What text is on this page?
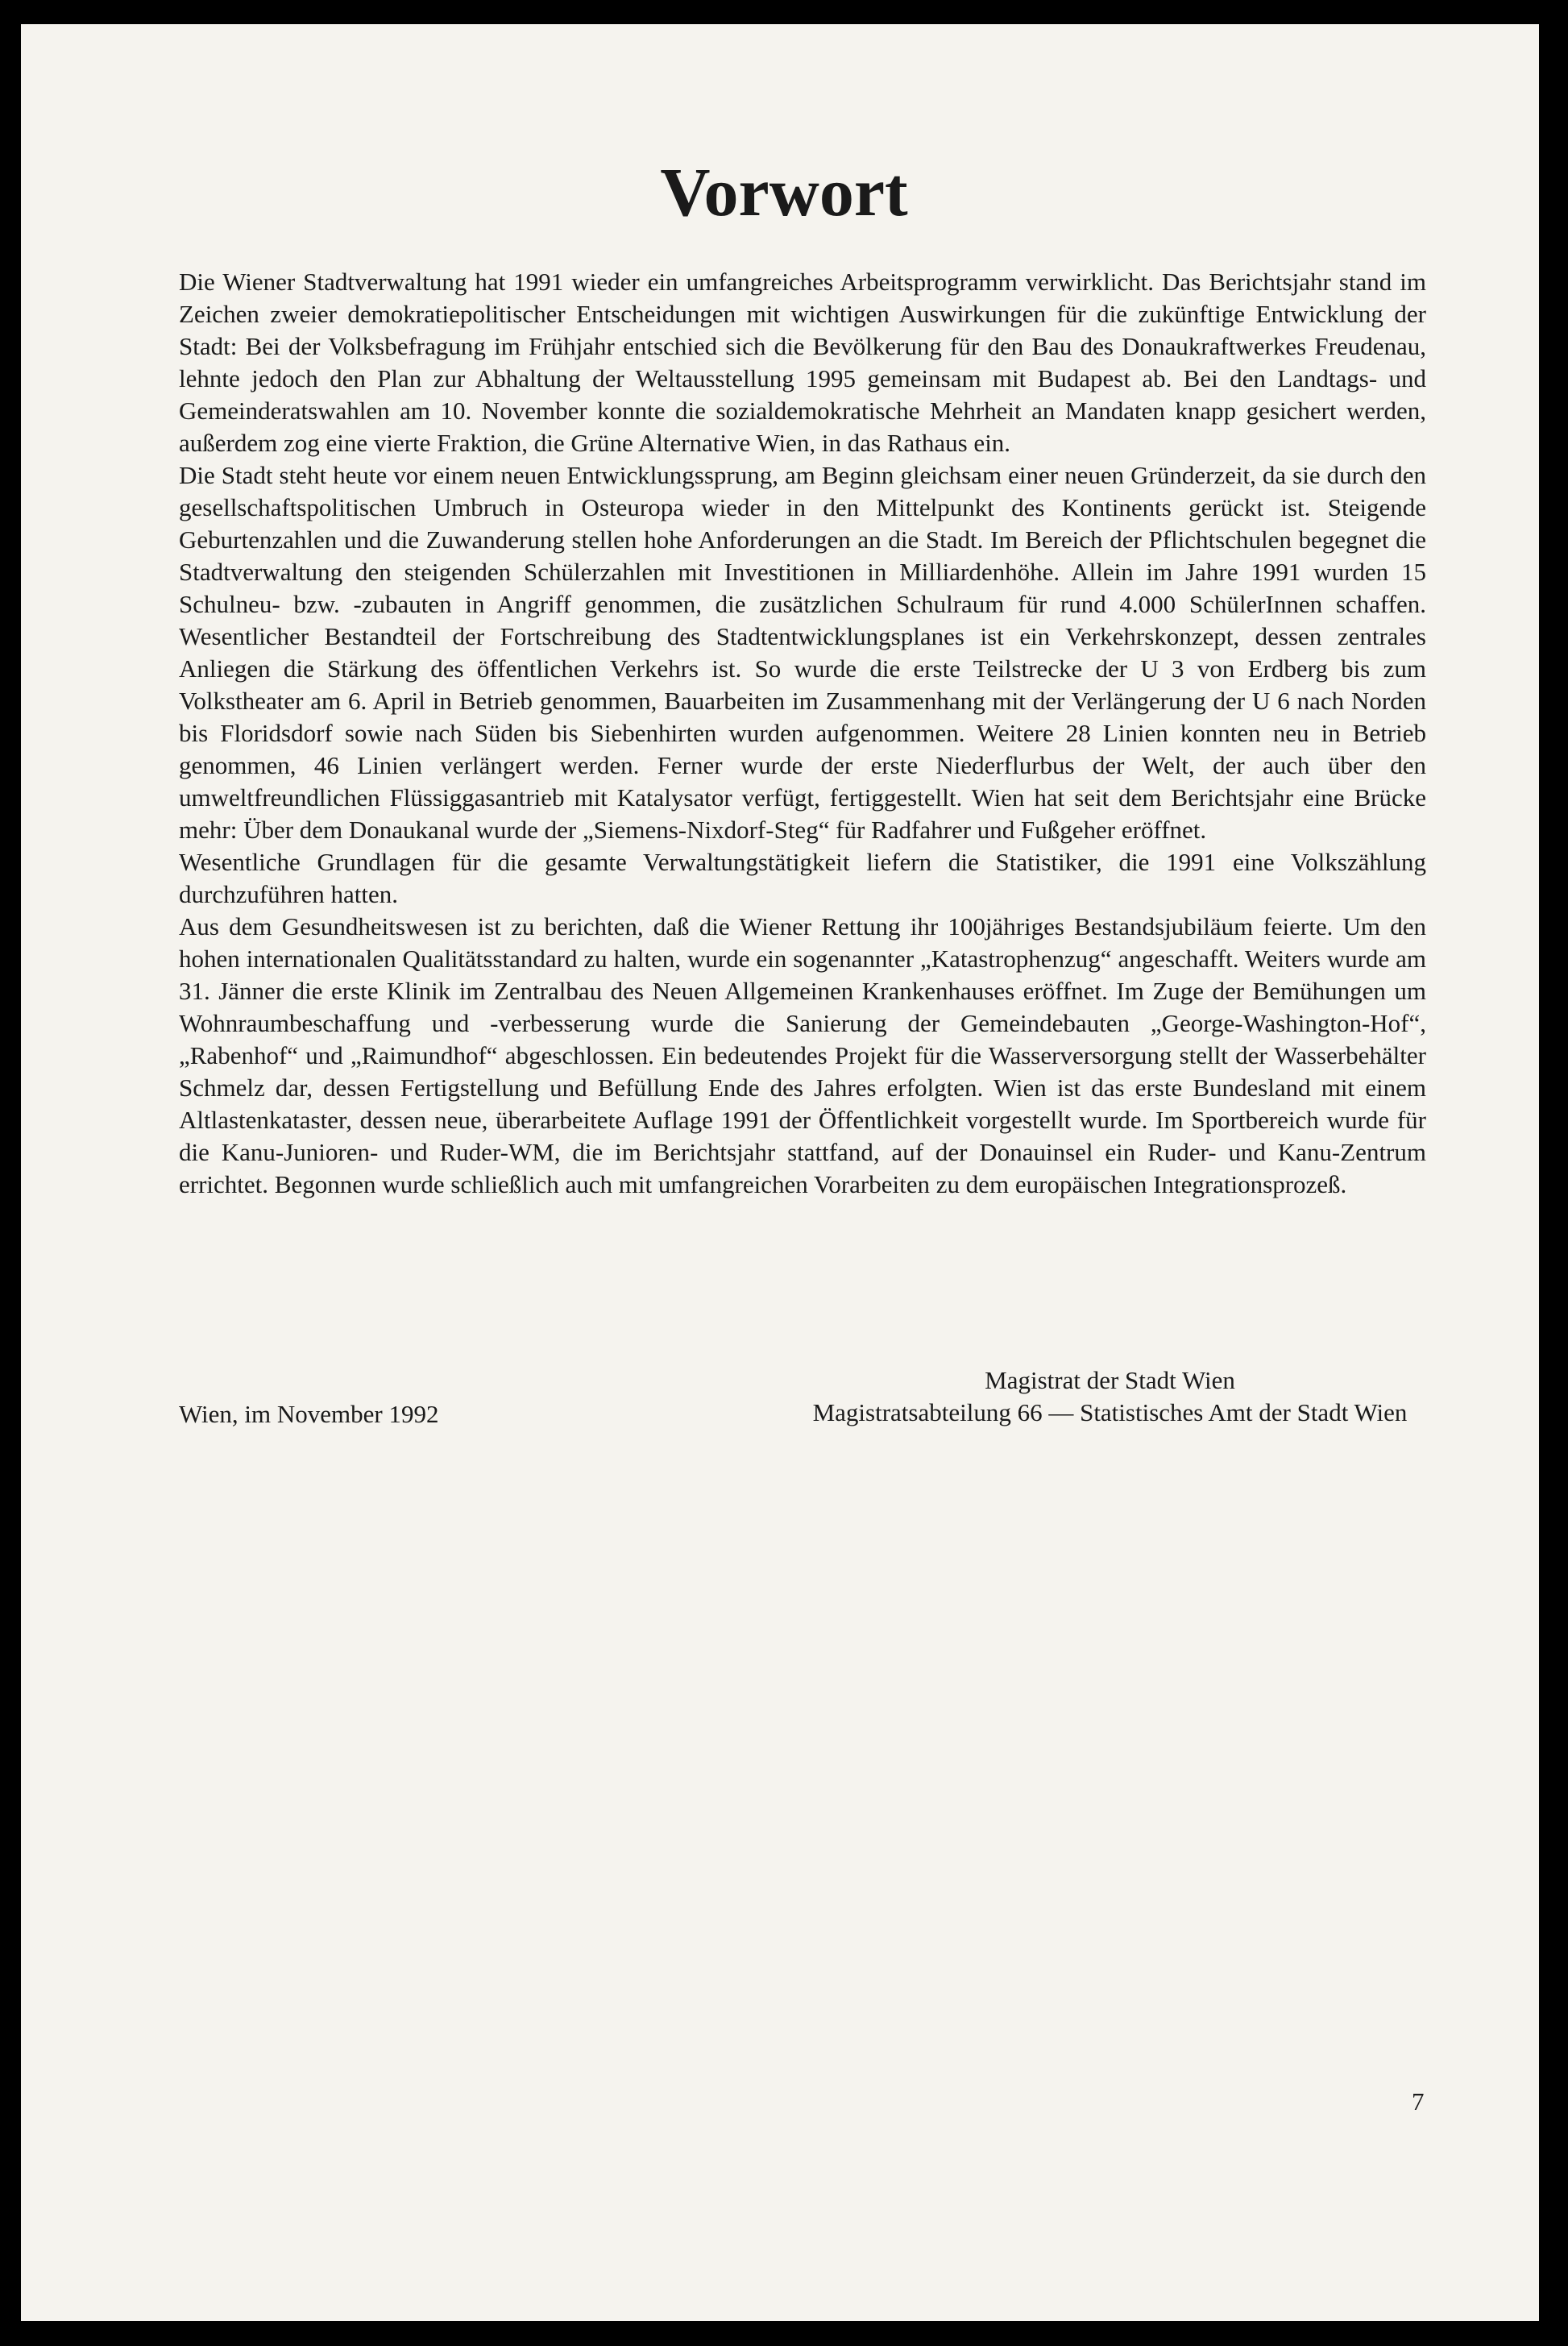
Vorwort

Die Wiener Stadtverwaltung hat 1991 wieder ein umfangreiches Arbeitsprogramm verwirklicht. Das Berichtsjahr stand im Zeichen zweier demokratiepolitischer Entscheidungen mit wichtigen Auswirkungen für die zukünftige Entwicklung der Stadt: Bei der Volksbefragung im Frühjahr entschied sich die Bevölkerung für den Bau des Donaukraftwerkes Freudenau, lehnte jedoch den Plan zur Abhaltung der Weltausstellung 1995 gemeinsam mit Budapest ab. Bei den Landtags- und Gemeinderatswahlen am 10. November konnte die sozialdemokratische Mehrheit an Mandaten knapp gesichert werden, außerdem zog eine vierte Fraktion, die Grüne Alternative Wien, in das Rathaus ein.

Die Stadt steht heute vor einem neuen Entwicklungssprung, am Beginn gleichsam einer neuen Gründerzeit, da sie durch den gesellschaftspolitischen Umbruch in Osteuropa wieder in den Mittelpunkt des Kontinents gerückt ist. Steigende Geburtenzahlen und die Zuwanderung stellen hohe Anforderungen an die Stadt. Im Bereich der Pflichtschulen begegnet die Stadtverwaltung den steigenden Schülerzahlen mit Investitionen in Milliardenhöhe. Allein im Jahre 1991 wurden 15 Schulneu- bzw. -zubauten in Angriff genommen, die zusätzlichen Schulraum für rund 4.000 SchülerInnen schaffen. Wesentlicher Bestandteil der Fortschreibung des Stadtentwicklungsplanes ist ein Verkehrskonzept, dessen zentrales Anliegen die Stärkung des öffentlichen Verkehrs ist. So wurde die erste Teilstrecke der U 3 von Erdberg bis zum Volkstheater am 6. April in Betrieb genommen, Bauarbeiten im Zusammenhang mit der Verlängerung der U 6 nach Norden bis Floridsdorf sowie nach Süden bis Siebenhirten wurden aufgenommen. Weitere 28 Linien konnten neu in Betrieb genommen, 46 Linien verlängert werden. Ferner wurde der erste Niederflurbus der Welt, der auch über den umweltfreundlichen Flüssiggasantrieb mit Katalysator verfügt, fertiggestellt. Wien hat seit dem Berichtsjahr eine Brücke mehr: Über dem Donaukanal wurde der „Siemens-Nixdorf-Steg“ für Radfahrer und Fußgeher eröffnet.

Wesentliche Grundlagen für die gesamte Verwaltungstätigkeit liefern die Statistiker, die 1991 eine Volkszählung durchzuführen hatten.

Aus dem Gesundheitswesen ist zu berichten, daß die Wiener Rettung ihr 100jähriges Bestandsjubiläum feierte. Um den hohen internationalen Qualitätsstandard zu halten, wurde ein sogenannter „Katastrophenzug“ angeschafft. Weiters wurde am 31. Jänner die erste Klinik im Zentralbau des Neuen Allgemeinen Krankenhauses eröffnet. Im Zuge der Bemühungen um Wohnraumbeschaffung und -verbesserung wurde die Sanierung der Gemeindebauten „George-Washington-Hof“, „Rabenhof“ und „Raimundhof“ abgeschlossen. Ein bedeutendes Projekt für die Wasserversorgung stellt der Wasserbehälter Schmelz dar, dessen Fertigstellung und Befüllung Ende des Jahres erfolgten. Wien ist das erste Bundesland mit einem Altlastenkataster, dessen neue, überarbeitete Auflage 1991 der Öffentlichkeit vorgestellt wurde. Im Sportbereich wurde für die Kanu-Junioren- und Ruder-WM, die im Berichtsjahr stattfand, auf der Donauinsel ein Ruder- und Kanu-Zentrum errichtet. Begonnen wurde schließlich auch mit umfangreichen Vorarbeiten zu dem europäischen Integrationsprozeß.

Wien, im November 1992
Magistrat der Stadt Wien
Magistratsabteilung 66 — Statistisches Amt der Stadt Wien
7
